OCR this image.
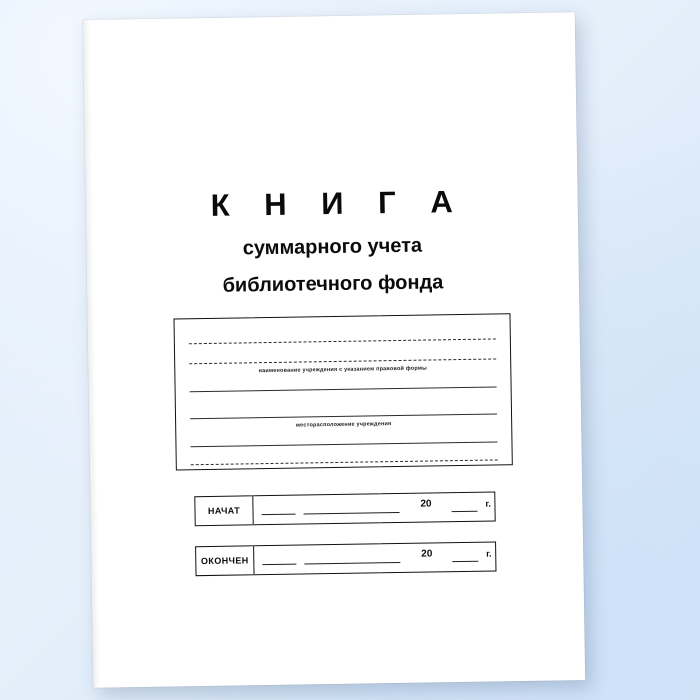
К Н И Г А
суммарного учета
библиотечного фонда
наименование учреждения с указанием правовой формы
месторасположение учреждения
НАЧАТ
20	г.
ОКОНЧЕН
20	г.
